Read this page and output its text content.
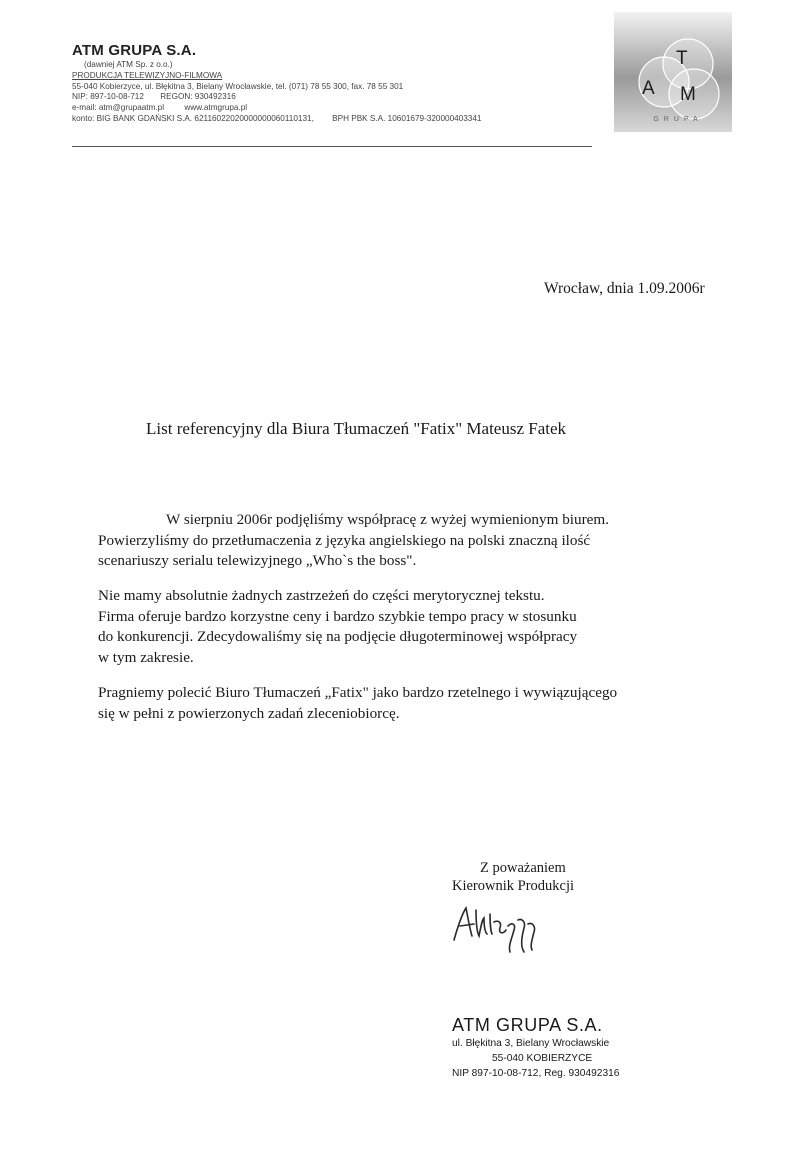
ATM GRUPA S.A.
(dawniej ATM Sp. z o.o.)
PRODUKCJA TELEWIZYJNO-FILMOWA
55-040 Kobierzyce, ul. Błękitna 3, Bielany Wrocławskie, tel. (071) 78 55 300, fax. 78 55 301
NIP: 897-10-08-712 REGON: 930492316
e-mail: atm@grupaatm.pl www.atmgrupa.pl
konto: BIG BANK GDAŃSKI S.A. 62116022020000000060110131, BPH PBK S.A. 10601679-320000403341
T
A M
GRUPA
Wrocław, dnia 1.09.2006r
List referencyjny dla Biura Tłumaczeń "Fatix" Mateusz Fatek
W sierpniu 2006r podjęliśmy współpracę z wyżej wymienionym biurem.
Powierzyliśmy do przetłumaczenia z języka angielskiego na polski znaczną ilość
scenariuszy serialu telewizyjnego „Who`s the boss".
Nie mamy absolutnie żadnych zastrzeżeń do części merytorycznej tekstu.
Firma oferuje bardzo korzystne ceny i bardzo szybkie tempo pracy w stosunku
do konkurencji. Zdecydowaliśmy się na podjęcie długoterminowej współpracy
w tym zakresie.
Pragniemy polecić Biuro Tłumaczeń „Fatix" jako bardzo rzetelnego i wywiązującego
się w pełni z powierzonych zadań zleceniobiorcę.
Z poważaniem
Kierownik Produkcji
ATM GRUPA S.A.
ul. Błękitna 3, Bielany Wrocławskie
55-040 KOBIERZYCE
NIP 897-10-08-712, Reg. 930492316
